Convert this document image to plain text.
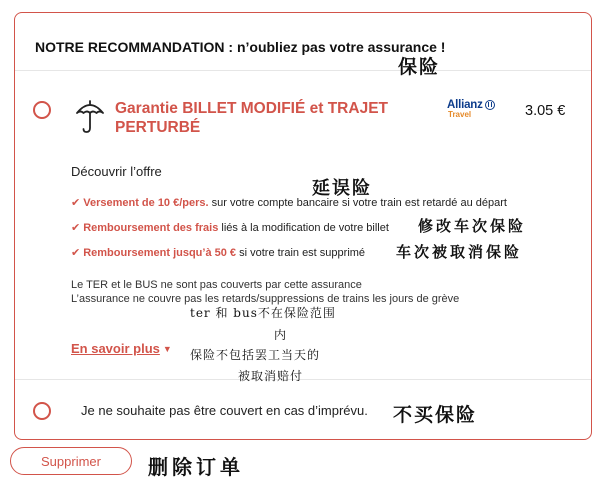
NOTRE RECOMMANDATION : n’oubliez pas votre assurance !

Garantie BILLET MODIFIÉ et TRAJET PERTURBÉ

Allianz
Travel	3.05 €
Découvrir l’offre
✔ Versement de 10 €/pers. sur votre compte bancaire si votre train est retardé au départ
✔ Remboursement des frais liés à la modification de votre billet
✔ Remboursement jusqu’à 50 € si votre train est supprimé
Le TER et le BUS ne sont pas couverts par cette assurance
L’assurance ne couvre pas les retards/suppressions de trains les jours de grève
En savoir plus ▼
Je ne souhaite pas être couvert en cas d’imprévu.
Supprimer
保险
延误险
修改车次保险
车次被取消保险
ter 和 bus不在保险范围
内
保险不包括罢工当天的
被取消赔付
不买保险
删除订单
